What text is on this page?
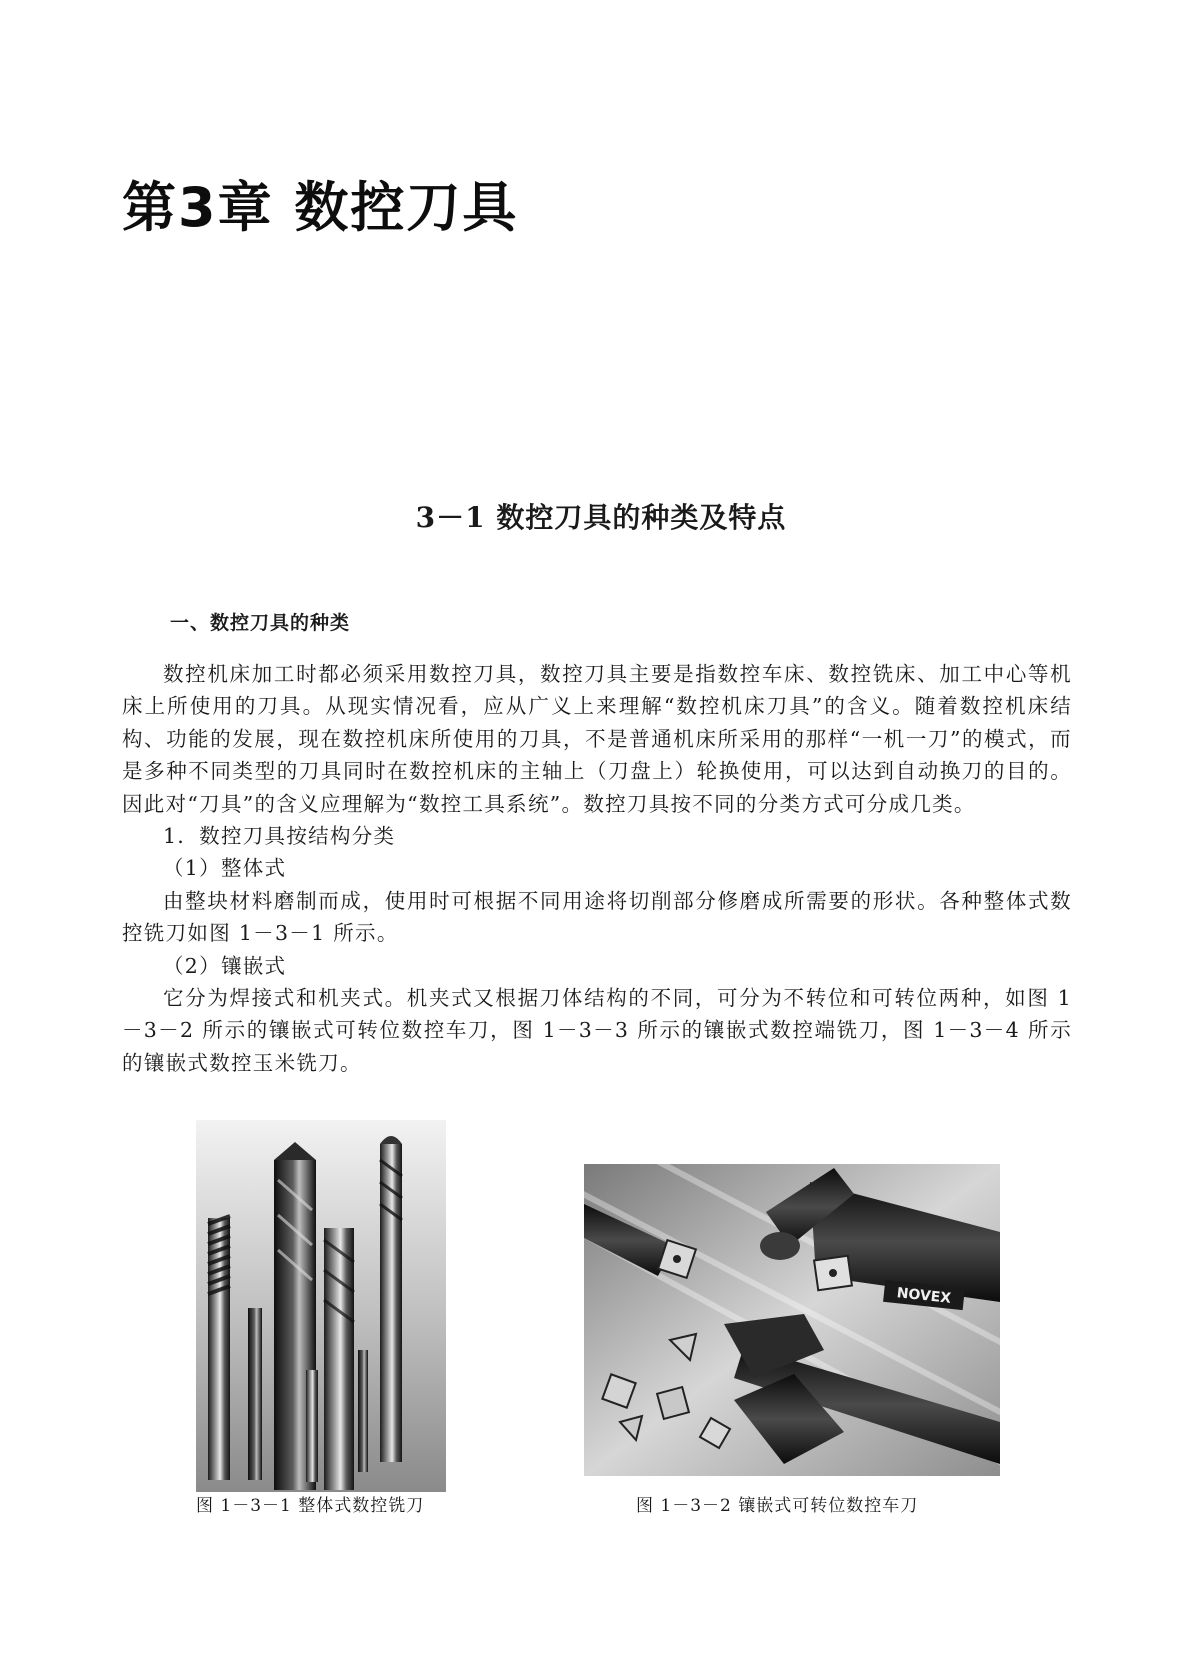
第3章 数控刀具
3－1 数控刀具的种类及特点
一、数控刀具的种类

数控机床加工时都必须采用数控刀具，数控刀具主要是指数控车床、数控铣床、加工中心等机床上所使用的刀具。从现实情况看，应从广义上来理解“数控机床刀具”的含义。随着数控机床结构、功能的发展，现在数控机床所使用的刀具，不是普通机床所采用的那样“一机一刀”的模式，而是多种不同类型的刀具同时在数控机床的主轴上（刀盘上）轮换使用，可以达到自动换刀的目的。因此对“刀具”的含义应理解为“数控工具系统”。数控刀具按不同的分类方式可分成几类。

1．数控刀具按结构分类

（1）整体式

由整块材料磨制而成，使用时可根据不同用途将切削部分修磨成所需要的形状。各种整体式数控铣刀如图 1－3－1 所示。

（2）镶嵌式

它分为焊接式和机夹式。机夹式又根据刀体结构的不同，可分为不转位和可转位两种，如图 1－3－2 所示的镶嵌式可转位数控车刀，图 1－3－3 所示的镶嵌式数控端铣刀，图 1－3－4 所示的镶嵌式数控玉米铣刀。

图 1－3－1 整体式数控铣刀

NOVEX

图 1－3－2 镶嵌式可转位数控车刀
